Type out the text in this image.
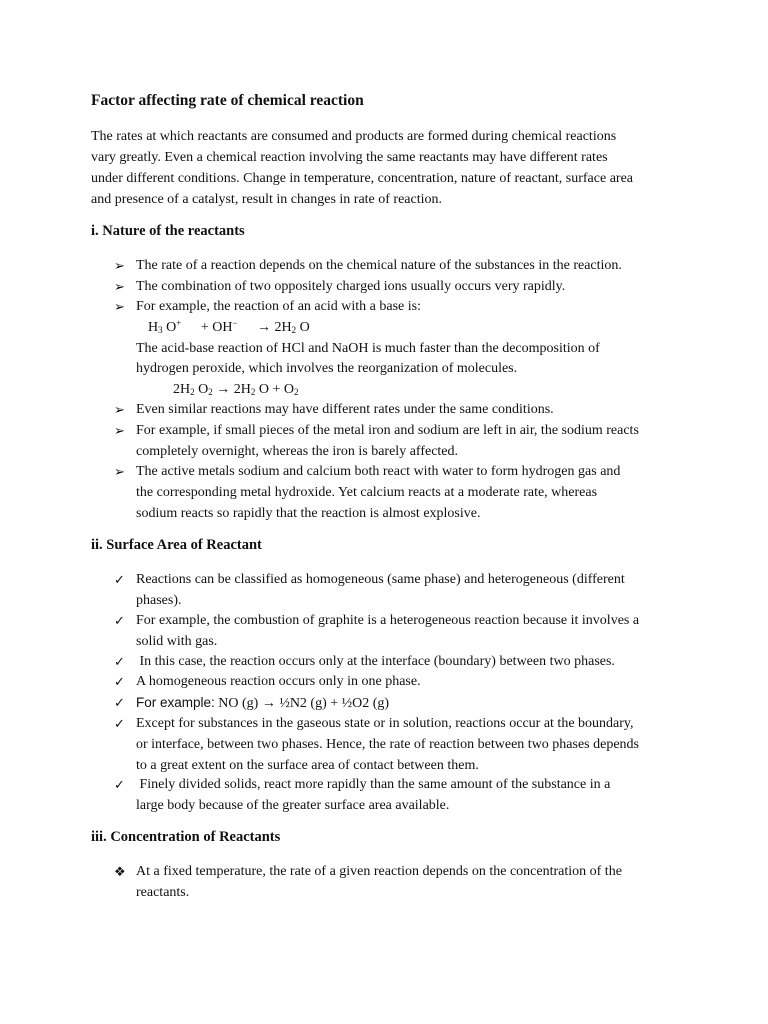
Factor affecting rate of chemical reaction
The rates at which reactants are consumed and products are formed during chemical reactions
vary greatly. Even a chemical reaction involving the same reactants may have different rates
under different conditions. Change in temperature, concentration, nature of reactant, surface area
and presence of a catalyst, result in changes in rate of reaction.
i. Nature of the reactants
➢ The rate of a reaction depends on the chemical nature of the substances in the reaction.
➢ The combination of two oppositely charged ions usually occurs very rapidly.
➢ For example, the reaction of an acid with a base is:
$H_3$ $O^+ + OH^- \to 2H_2$ O
The acid-base reaction of HCl and NaOH is much faster than the decomposition of
hydrogen peroxide, which involves the reorganization of molecules.
$2H_2$ $O_2 \to 2H_2$ $O + O_2$
➢ Even similar reactions may have different rates under the same conditions.
➢ For example, if small pieces of the metal iron and sodium are left in air, the sodium reacts
completely overnight, whereas the iron is barely affected.
➢ The active metals sodium and calcium both react with water to form hydrogen gas and
the corresponding metal hydroxide. Yet calcium reacts at a moderate rate, whereas
sodium reacts so rapidly that the reaction is almost explosive.
ii. Surface Area of Reactant
✓ Reactions can be classified as homogeneous (same phase) and heterogeneous (different
phases).
✓ For example, the combustion of graphite is a heterogeneous reaction because it involves a
solid with gas.
✓ In this case, the reaction occurs only at the interface (boundary) between two phases.
✓ A homogeneous reaction occurs only in one phase.
✓ For example: NO (g) → ½N2 (g) + ½O2 (g)
✓ Except for substances in the gaseous state or in solution, reactions occur at the boundary,
or interface, between two phases. Hence, the rate of reaction between two phases depends
to a great extent on the surface area of contact between them.
✓ Finely divided solids, react more rapidly than the same amount of the substance in a
large body because of the greater surface area available.
iii. Concentration of Reactants
❖ At a fixed temperature, the rate of a given reaction depends on the concentration of the
reactants.
